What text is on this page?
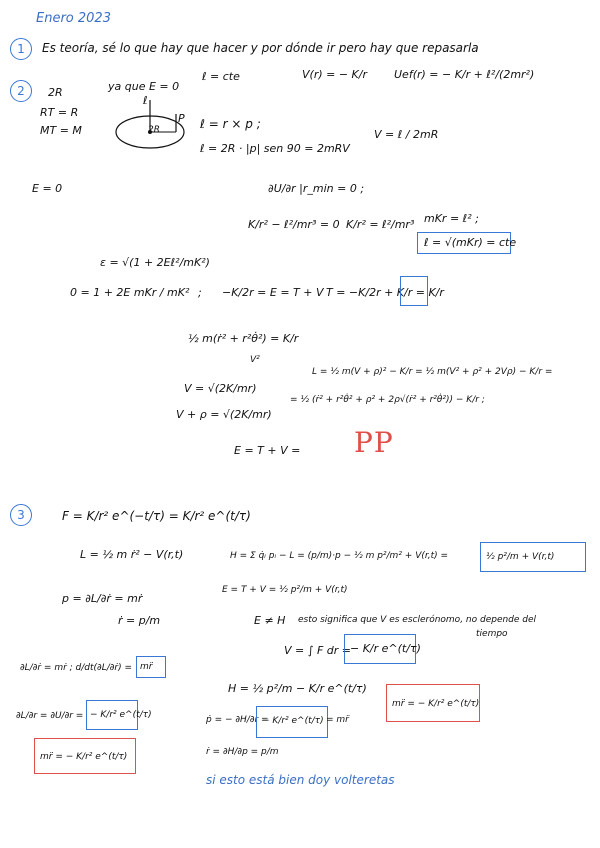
Enero 2023
1	Es teoría, sé lo que hay que hacer y por dónde ir pero hay que repasarla
2	2R
RT = R
MT = M
ya que E = 0
ℓ = cte	V(r) = − K/r Uef(r) = − K/r + ℓ²/(2mr²)
ℓ
P
2R	ℓ = r × p ;
ℓ = 2R · |p| sen 90 = 2mRV
V = ℓ / 2mR
E = 0	∂U/∂r |r_min = 0 ;
K/r² − ℓ²/mr³ = 0 K/r² = ℓ²/mr³ mKr = ℓ² ;
ℓ = √(mKr) = cte
ε = √(1 + 2Eℓ²/mK²)
0 = 1 + 2E mKr / mK² ; −K/2r = E = T + V T = −K/2r + K/r = K/r
½ m(ṙ² + r²θ̇²) = K/r
V²
V = √(2K/mr)
V + ρ = √(2K/mr)
L = ½ m(V + ρ)² − K/r = ½ m(V² + ρ² + 2Vρ) − K/r =
= ½ (ṙ² + r²θ̇² + ρ² + 2ρ√(ṙ² + r²θ̇²)) − K/r ;
E = T + V = PP
3	F = K/r² e^(−t/τ) = K/r² e^(t/τ)
L = ½ m ṙ² − V(r,t)	H = Σ q̇ᵢ pᵢ − L = (p/m)·p − ½ m p²/m² + V(r,t) =	½ p²/m + V(r,t)
p = ∂L/∂ṙ = mṙ
ṙ = p/m
E = T + V = ½ p²/m + V(r,t)
E ≠ H esto significa que V es esclerónomo, no depende del
tiempo
V = ∫ F dr =
− K/r e^(t/τ)
H = ½ p²/m − K/r e^(t/τ)
mr̈ = − K/r² e^(t/τ)
∂L/∂ṙ = mṙ ; d/dt(∂L/∂ṙ) = mr̈
∂L/∂r = ∂U/∂r = − K/r² e^(t/τ)	ṗ = − ∂H/∂r =
− K/r² e^(t/τ) = mr̈
mr̈ = − K/r² e^(t/τ)	ṙ = ∂H/∂p = p/m
si esto está bien doy volteretas
